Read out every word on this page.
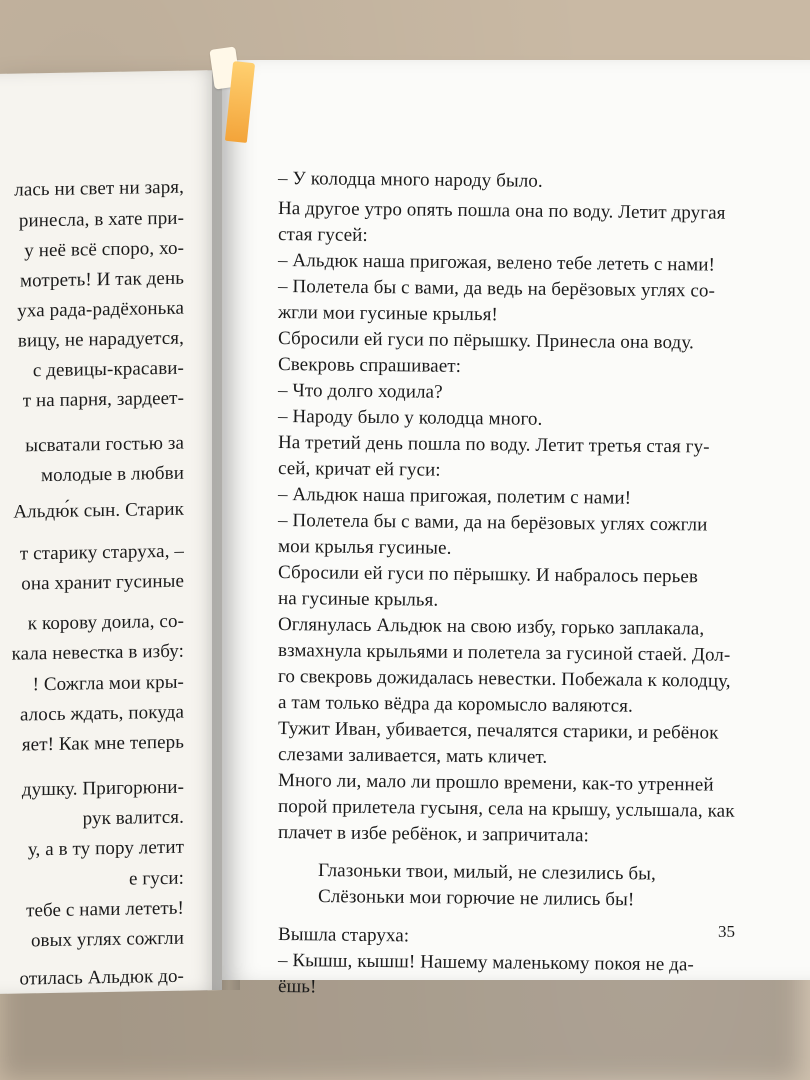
лась ни свет ни заря,
ринесла, в хате при-
у неё всё споро, хо-
мотреть! И так день
уха рада-радёхонька
вицу, не нарадуется,
с девицы-красави-
т на парня, зардеет-
ысватали гостью за
молодые в любви
Альдю́к сын. Старик
т старику старуха, –
она хранит гусиные
к корову доила, со-
кала невестка в избу:
! Сожгла мои кры-
алось ждать, покуда
яет! Как мне теперь
душку. Пригорюни-
рук валится.
у, а в ту пору летит
е гуси:
тебе с нами лететь!
овых углях сожгли
отилась Альдюк до-
– У колодца много народу было.
На другое утро опять пошла она по воду. Летит другая
стая гусей:
– Альдюк наша пригожая, велено тебе лететь с нами!
– Полетела бы с вами, да ведь на берёзовых углях со-
жгли мои гусиные крылья!
Сбросили ей гуси по пёрышку. Принесла она воду.
Свекровь спрашивает:
– Что долго ходила?
– Народу было у колодца много.
На третий день пошла по воду. Летит третья стая гу-
сей, кричат ей гуси:
– Альдюк наша пригожая, полетим с нами!
– Полетела бы с вами, да на берёзовых углях сожгли
мои крылья гусиные.
Сбросили ей гуси по пёрышку. И набралось перьев
на гусиные крылья.
Оглянулась Альдюк на свою избу, горько заплакала,
взмахнула крыльями и полетела за гусиной стаей. Дол-
го свекровь дожидалась невестки. Побежала к колодцу,
а там только вёдра да коромысло валяются.
Тужит Иван, убивается, печалятся старики, и ребёнок
слезами заливается, мать кличет.
Много ли, мало ли прошло времени, как-то утренней
порой прилетела гусыня, села на крышу, услышала, как
плачет в избе ребёнок, и запричитала:
Глазоньки твои, милый, не слезились бы,
Слёзоньки мои горючие не лились бы!
Вышла старуха:
– Кышш, кышш! Нашему маленькому покоя не да-
ёшь!
35
